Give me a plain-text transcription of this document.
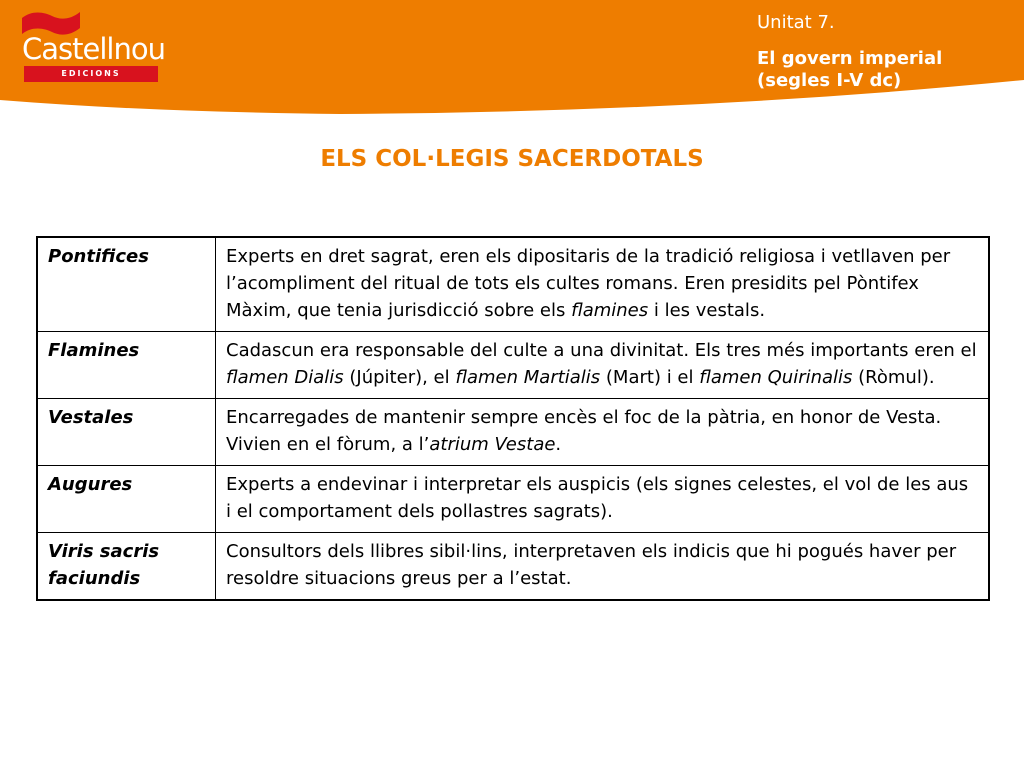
Castellnou
EDICIONS
Unitat 7.
El govern imperial (segles I-V dc)
ELS COL·LEGIS SACERDOTALS
Pontifices	Experts en dret sagrat, eren els dipositaris de la tradició religiosa i vetllaven per l’acompliment del ritual de tots els cultes romans. Eren presidits pel Pòntifex Màxim, que tenia jurisdicció sobre els flamines i les vestals.
Flamines	Cadascun era responsable del culte a una divinitat. Els tres més importants eren el flamen Dialis (Júpiter), el flamen Martialis (Mart) i el flamen Quirinalis (Ròmul).
Vestales	Encarregades de mantenir sempre encès el foc de la pàtria, en honor de Vesta. Vivien en el fòrum, a l’atrium Vestae.
Augures	Experts a endevinar i interpretar els auspicis (els signes celestes, el vol de les aus i el comportament dels pollastres sagrats).
Viris sacris faciundis	Consultors dels llibres sibil·lins, interpretaven els indicis que hi pogués haver per resoldre situacions greus per a l’estat.
